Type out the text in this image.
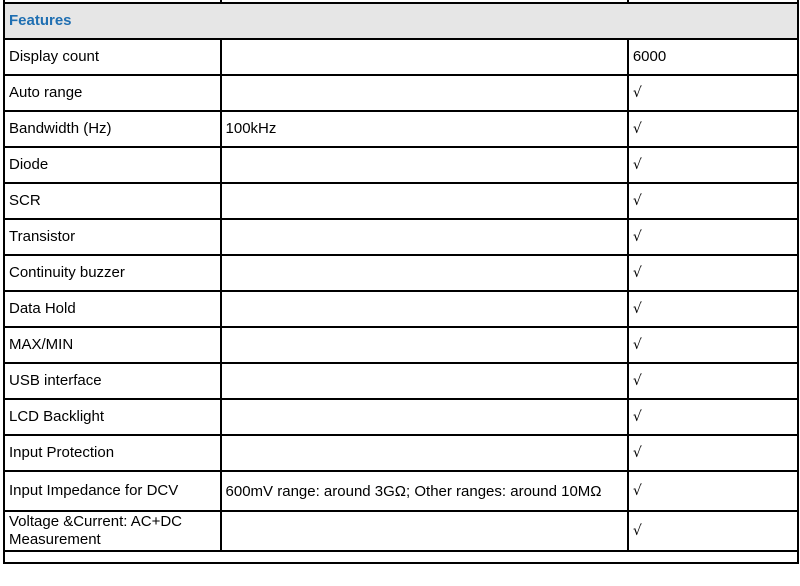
Features		
Display count		6000
Auto range		√
Bandwidth (Hz)	100kHz	√
Diode		√
SCR		√
Transistor		√
Continuity buzzer		√
Data Hold		√
MAX/MIN		√
USB interface		√
LCD Backlight		√
Input Protection		√
Input Impedance for DCV	600mV range: around 3GΩ; Other ranges: around 10MΩ	√
Voltage &Current: AC+DC Measurement		√
